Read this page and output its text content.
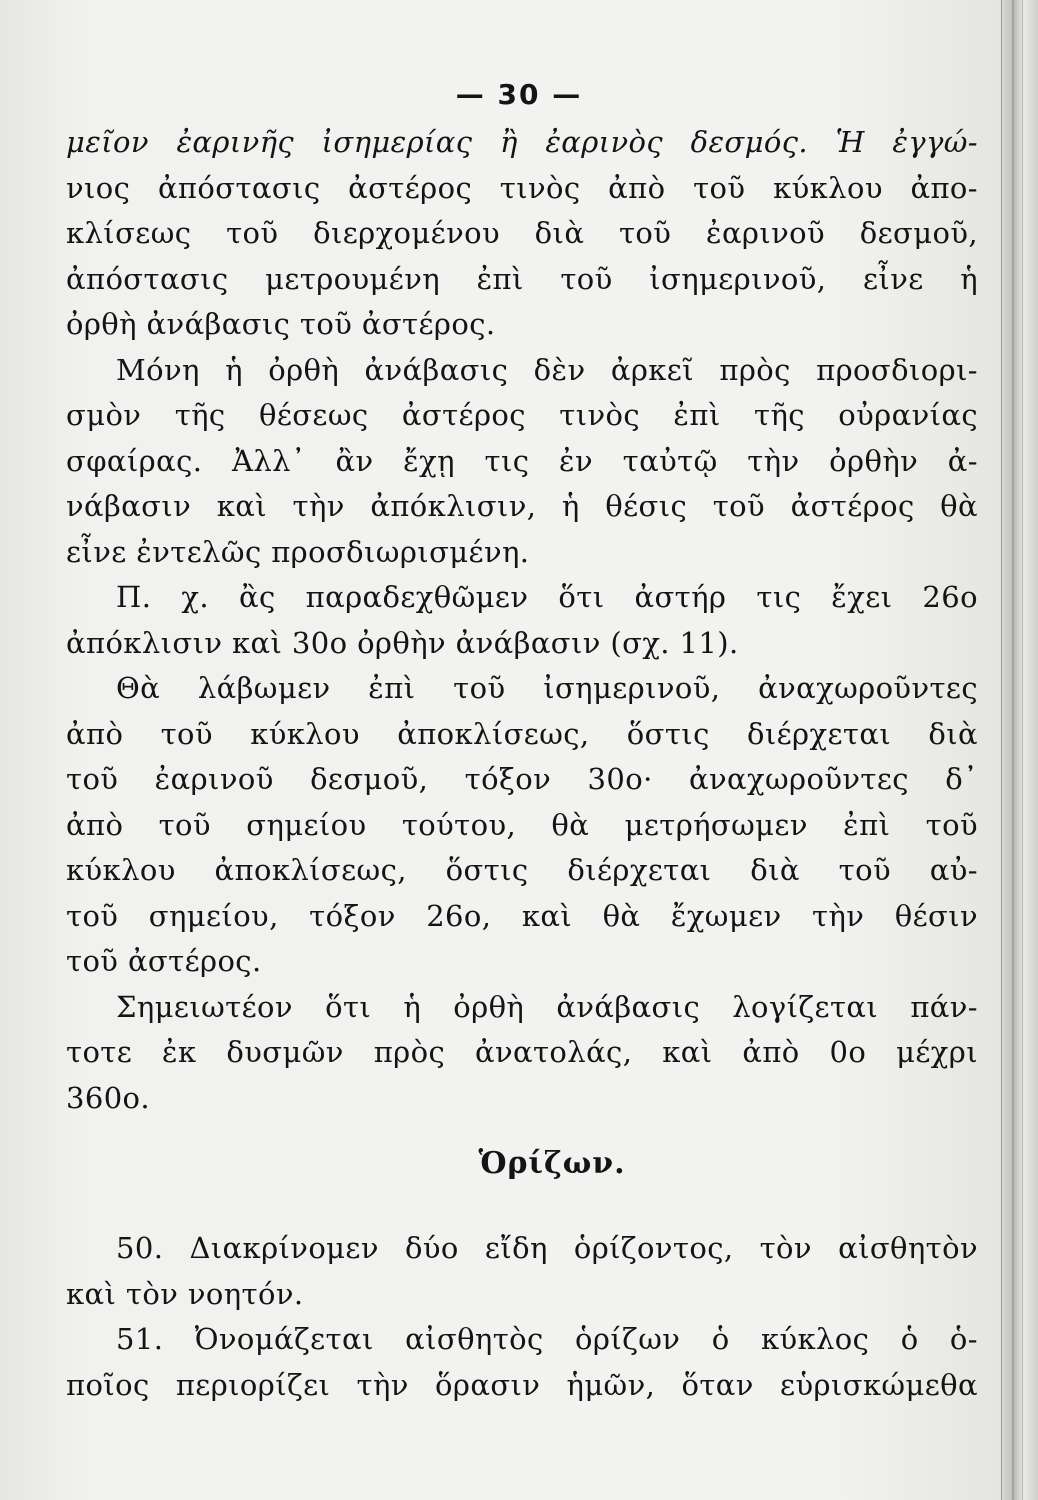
— 30 —
μεῖον ἐαρινῆς ἰσημερίας ἢ ἐαρινὸς δεσμός. Ἡ ἐγγώ-
νιος ἀπόστασις ἀστέρος τινὸς ἀπὸ τοῦ κύκλου ἀπο-
κλίσεως τοῦ διερχομένου διὰ τοῦ ἐαρινοῦ δεσμοῦ,
ἀπόστασις μετρουμένη ἐπὶ τοῦ ἰσημερινοῦ, εἶνε ἡ
ὀρθὴ ἀνάβασις τοῦ ἀστέρος.
Μόνη ἡ ὀρθὴ ἀνάβασις δὲν ἀρκεῖ πρὸς προσδιορι-
σμὸν τῆς θέσεως ἀστέρος τινὸς ἐπὶ τῆς οὐρανίας
σφαίρας. Ἀλλ᾽ ἂν ἔχῃ τις ἐν ταὐτῷ τὴν ὀρθὴν ἀ-
νάβασιν καὶ τὴν ἀπόκλισιν, ἡ θέσις τοῦ ἀστέρος θὰ
εἶνε ἐντελῶς προσδιωρισμένη.
Π. χ. ἂς παραδεχθῶμεν ὅτι ἀστήρ τις ἔχει 26ο
ἀπόκλισιν καὶ 30ο ὀρθὴν ἀνάβασιν (σχ. 11).
Θὰ λάβωμεν ἐπὶ τοῦ ἰσημερινοῦ, ἀναχωροῦντες
ἀπὸ τοῦ κύκλου ἀποκλίσεως, ὅστις διέρχεται διὰ
τοῦ ἐαρινοῦ δεσμοῦ, τόξον 30ο· ἀναχωροῦντες δ᾽
ἀπὸ τοῦ σημείου τούτου, θὰ μετρήσωμεν ἐπὶ τοῦ
κύκλου ἀποκλίσεως, ὅστις διέρχεται διὰ τοῦ αὐ-
τοῦ σημείου, τόξον 26ο, καὶ θὰ ἔχωμεν τὴν θέσιν
τοῦ ἀστέρος.
Σημειωτέον ὅτι ἡ ὀρθὴ ἀνάβασις λογίζεται πάν-
τοτε ἐκ δυσμῶν πρὸς ἀνατολάς, καὶ ἀπὸ 0ο μέχρι
360ο.
Ὁρίζων.
50. Διακρίνομεν δύο εἴδη ὁρίζοντος, τὸν αἰσθητὸν
καὶ τὸν νοητόν.
51. Ὀνομάζεται αἰσθητὸς ὁρίζων ὁ κύκλος ὁ ὁ-
ποῖος περιορίζει τὴν ὅρασιν ἡμῶν, ὅταν εὑρισκώμεθα
